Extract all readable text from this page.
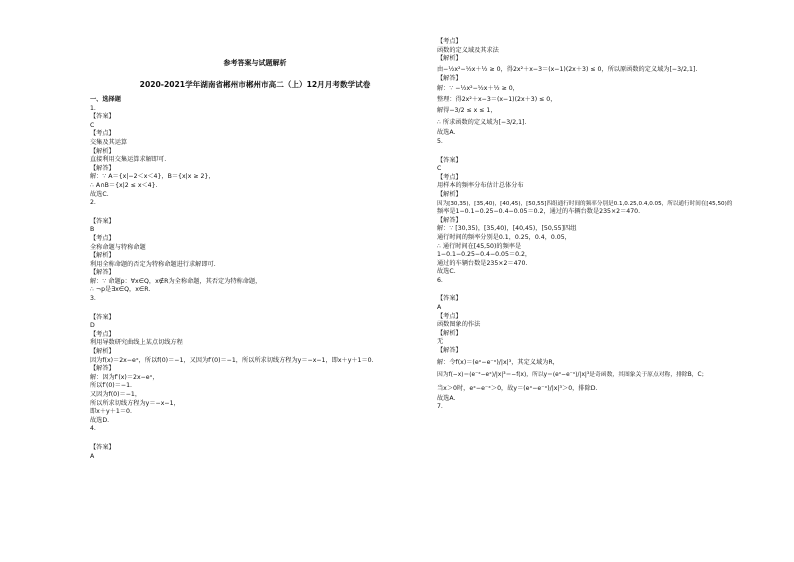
参考答案与试题解析
2020-2021学年湖南省郴州市郴州市高二（上）12月月考数学试卷
一、选择题
1.
【答案】
C
【考点】
交集及其运算
【解析】
直接利用交集运算求解即可.
【解答】
解：∵ A＝{x|−2＜x＜4}，B＝{x|x ≥ 2}，
∴ A∩B＝{x|2 ≤ x＜4}.
故选C.
2.
【答案】
B
【考点】
全称命题与特称命题
【解析】
利用全称命题的否定为特称命题进行求解即可.
【解答】
解：∵ 命题p：∀x∈Q，x∉R为全称命题，其否定为特称命题，
∴ ¬p是∃x∈Q，x∈R.
3.
【答案】
D
【考点】
利用导数研究曲线上某点切线方程
【解析】
因为f(x)＝2x−eˣ，所以f(0)＝−1，又因为f′(0)＝−1，所以所求切线方程为y＝−x−1，即x＋y＋1＝0.
【解答】
解：因为f′(x)＝2x−eˣ，
所以f′(0)＝−1.
又因为f(0)＝−1，
所以所求切线方程为y＝−x−1，
即x＋y＋1＝0.
故选D.
4.
【答案】
A
【考点】
函数的定义域及其求法
【解析】
由−½x²−½x＋½ ≥ 0，得2x²＋x−3＝(x−1)(2x＋3) ≤ 0，所以原函数的定义域为[−3/2,1].
【解答】
解：∵ −½x²−½x＋½ ≥ 0，
整理：得2x²＋x−3＝(x−1)(2x＋3) ≤ 0，
解得−3/2 ≤ x ≤ 1，
∴ 所求函数的定义域为[−3/2,1].
故选A.
5.
【答案】
C
【考点】
用样本的频率分布估计总体分布
【解析】
因为[30,35)，[35,40)，[40,45)，[50,55]四组通行时间的频率分别是0.1,0.25,0.4,0.05，所以通行时间在[45,50)的
频率是1−0.1−0.25−0.4−0.05＝0.2，通过的车辆台数是235×2＝470.
【解答】
解：∵ [30,35)，[35,40)，[40,45)，[50,55]四组
通行时间的频率分别是0.1，0.25，0.4，0.05，
∴ 通行时间在[45,50)的频率是
1−0.1−0.25−0.4−0.05＝0.2，
通过的车辆台数是235×2＝470.
故选C.
6.
【答案】
A
【考点】
函数图象的作法
【解析】
无
【解答】
解：令f(x)＝(eˣ−e⁻ˣ)/|x|³，其定义域为R，
因为f(−x)＝(e⁻ˣ−eˣ)/|x|³＝−f(x)，所以y＝(eˣ−e⁻ˣ)/|x|³是奇函数，其图象关于原点对称，排除B，C；
当x＞0时，eˣ−e⁻ˣ＞0，故y＝(eˣ−e⁻ˣ)/|x|³＞0，排除D.
故选A.
7.
